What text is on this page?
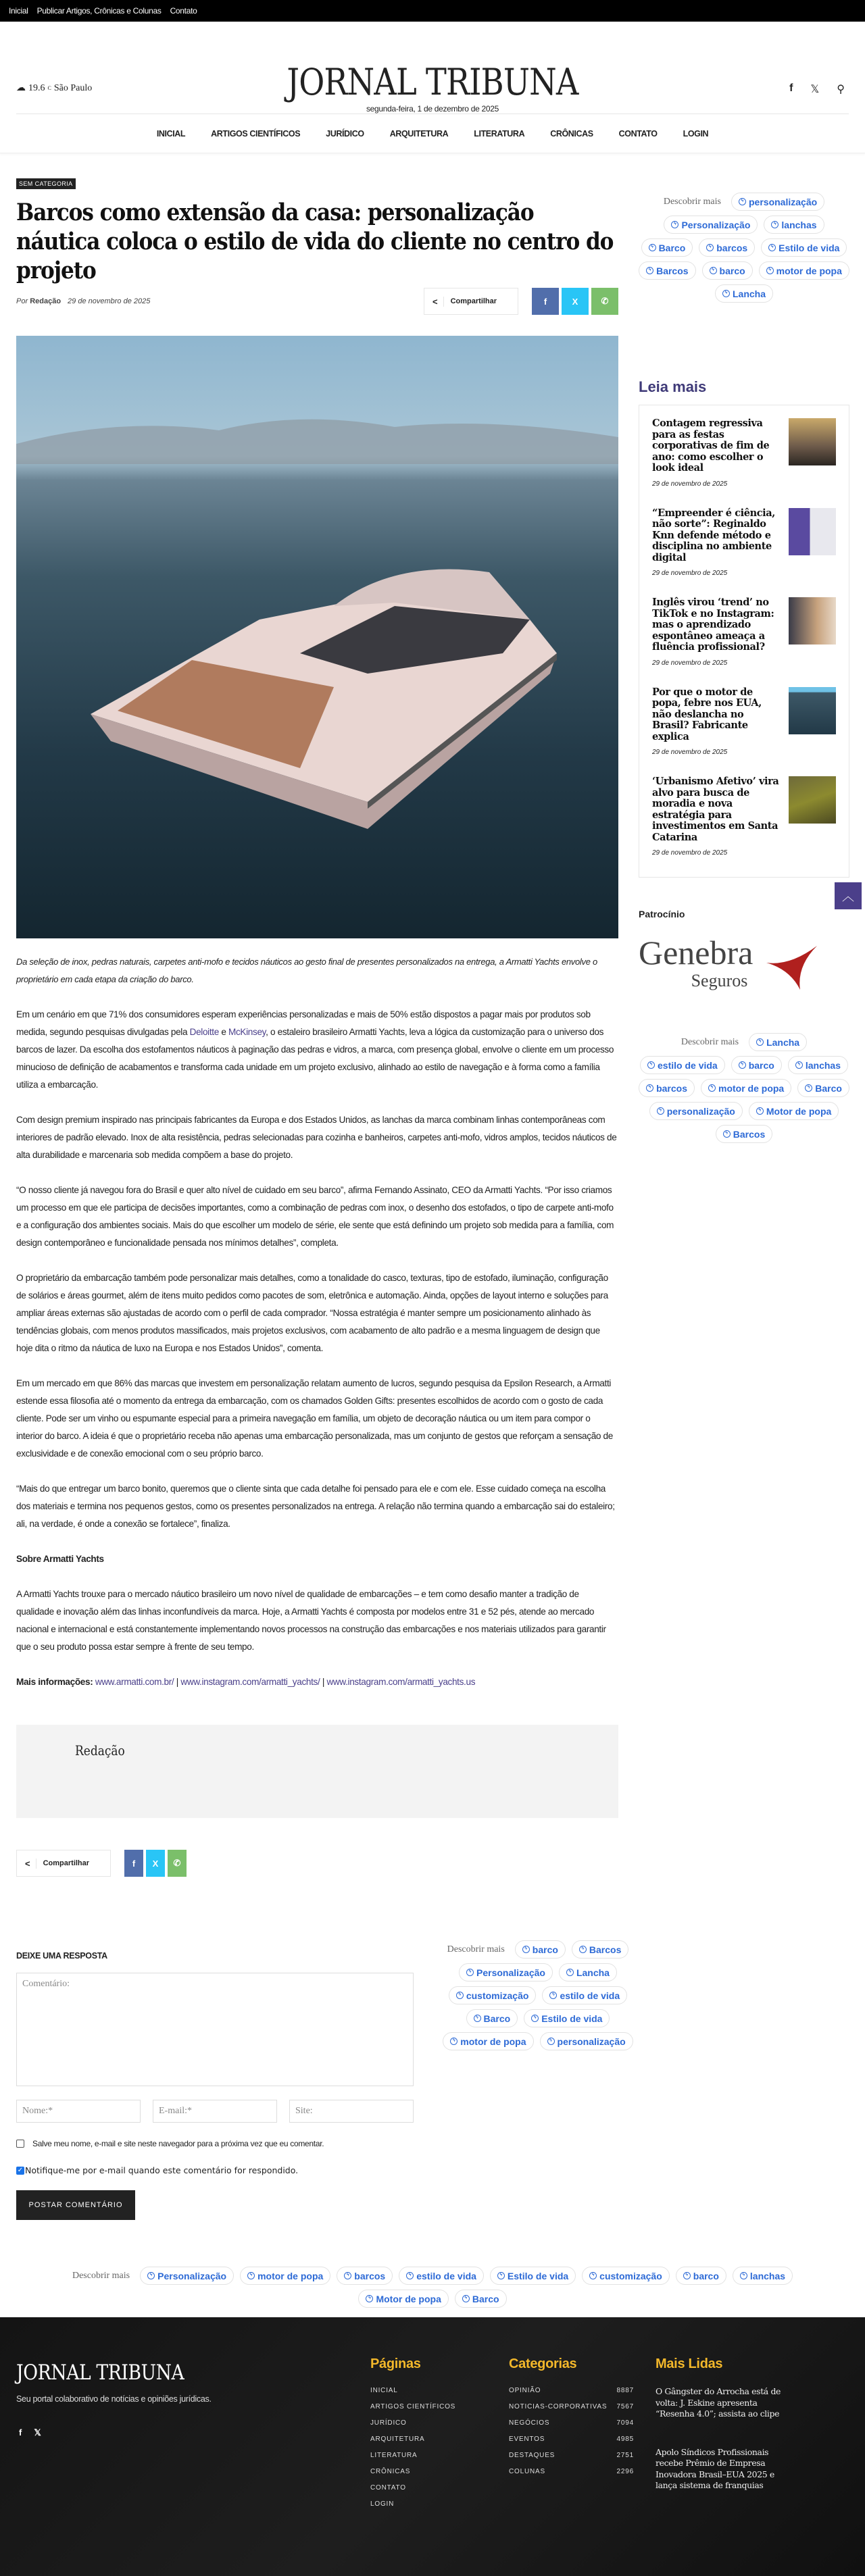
Inicial Publicar Artigos, Crônicas e Colunas Contato
☁ 19.6 C São Paulo	JORNAL TRIBUNA
segunda-feira, 1 de dezembro de 2025
f 𝕏 ⚲
INICIAL	ARTIGOS CIENTÍFICOS	JURÍDICO	ARQUITETURA	LITERATURA	CRÔNICAS	CONTATO	LOGIN
SEM CATEGORIA
Barcos como extensão da casa: personalização náutica coloca o estilo de vida do cliente no centro do projeto
Por Redação 29 de novembro de 2025	<	Compartilhar	f	X	✆

Da seleção de inox, pedras naturais, carpetes anti-mofo e tecidos náuticos ao gesto final de presentes personalizados na entrega, a Armatti Yachts envolve o proprietário em cada etapa da criação do barco.

Em um cenário em que 71% dos consumidores esperam experiências personalizadas e mais de 50% estão dispostos a pagar mais por produtos sob medida, segundo pesquisas divulgadas pela Deloitte e McKinsey, o estaleiro brasileiro Armatti Yachts, leva a lógica da customização para o universo dos barcos de lazer. Da escolha dos estofamentos náuticos à paginação das pedras e vidros, a marca, com presença global, envolve o cliente em um processo minucioso de definição de acabamentos e transforma cada unidade em um projeto exclusivo, alinhado ao estilo de navegação e à forma como a família utiliza a embarcação.

Com design premium inspirado nas principais fabricantes da Europa e dos Estados Unidos, as lanchas da marca combinam linhas contemporâneas com interiores de padrão elevado. Inox de alta resistência, pedras selecionadas para cozinha e banheiros, carpetes anti-mofo, vidros amplos, tecidos náuticos de alta durabilidade e marcenaria sob medida compõem a base do projeto.

“O nosso cliente já navegou fora do Brasil e quer alto nível de cuidado em seu barco”, afirma Fernando Assinato, CEO da Armatti Yachts. “Por isso criamos um processo em que ele participa de decisões importantes, como a combinação de pedras com inox, o desenho dos estofados, o tipo de carpete anti-mofo e a configuração dos ambientes sociais. Mais do que escolher um modelo de série, ele sente que está definindo um projeto sob medida para a família, com design contemporâneo e funcionalidade pensada nos mínimos detalhes”, completa.

O proprietário da embarcação também pode personalizar mais detalhes, como a tonalidade do casco, texturas, tipo de estofado, iluminação, configuração de solários e áreas gourmet, além de itens muito pedidos como pacotes de som, eletrônica e automação. Ainda, opções de layout interno e soluções para ampliar áreas externas são ajustadas de acordo com o perfil de cada comprador. “Nossa estratégia é manter sempre um posicionamento alinhado às tendências globais, com menos produtos massificados, mais projetos exclusivos, com acabamento de alto padrão e a mesma linguagem de design que hoje dita o ritmo da náutica de luxo na Europa e nos Estados Unidos”, comenta.

Em um mercado em que 86% das marcas que investem em personalização relatam aumento de lucros, segundo pesquisa da Epsilon Research, a Armatti estende essa filosofia até o momento da entrega da embarcação, com os chamados Golden Gifts: presentes escolhidos de acordo com o gosto de cada cliente. Pode ser um vinho ou espumante especial para a primeira navegação em família, um objeto de decoração náutica ou um item para compor o interior do barco. A ideia é que o proprietário receba não apenas uma embarcação personalizada, mas um conjunto de gestos que reforçam a sensação de exclusividade e de conexão emocional com o seu próprio barco.

“Mais do que entregar um barco bonito, queremos que o cliente sinta que cada detalhe foi pensado para ele e com ele. Esse cuidado começa na escolha dos materiais e termina nos pequenos gestos, como os presentes personalizados na entrega. A relação não termina quando a embarcação sai do estaleiro; ali, na verdade, é onde a conexão se fortalece”, finaliza.

Sobre Armatti Yachts

A Armatti Yachts trouxe para o mercado náutico brasileiro um novo nível de qualidade de embarcações – e tem como desafio manter a tradição de qualidade e inovação além das linhas inconfundíveis da marca. Hoje, a Armatti Yachts é composta por modelos entre 31 e 52 pés, atende ao mercado nacional e internacional e está constantemente implementando novos processos na construção das embarcações e nos materiais utilizados para garantir que o seu produto possa estar sempre à frente de seu tempo.

Mais informações: www.armatti.com.br/ | www.instagram.com/armatti_yachts/ | www.instagram.com/armatti_yachts.us

Redação
<	Compartilhar	f	X	✆
DEIXE UMA RESPOSTA
Comentário:
Nome:*	E-mail:*	Site:
Salve meu nome, e-mail e site neste navegador para a próxima vez que eu comentar.
✓ Notifique-me por e-mail quando este comentário for respondido.
POSTAR COMENTÁRIO
Descobrir mais	ϟ personalização
ϟ Personalização	ϟ lanchas
ϟ Barco	ϟ barcos	ϟ Estilo de vida
ϟ Barcos	ϟ barco	ϟ motor de popa
ϟ Lancha
Leia mais
Contagem regressiva para as festas corporativas de fim de ano: como escolher o look ideal
29 de novembro de 2025
“Empreender é ciência, não sorte”: Reginaldo Knn defende método e disciplina no ambiente digital
29 de novembro de 2025
Inglês virou ‘trend’ no TikTok e no Instagram: mas o aprendizado espontâneo ameaça a fluência profissional?
29 de novembro de 2025
Por que o motor de popa, febre nos EUA, não deslancha no Brasil? Fabricante explica
29 de novembro de 2025
‘Urbanismo Afetivo’ vira alvo para busca de moradia e nova estratégia para investimentos em Santa Catarina
29 de novembro de 2025
︿
Patrocínio
Genebra
Seguros
Descobrir mais	ϟ Lancha
ϟ estilo de vida	ϟ barco	ϟ lanchas
ϟ barcos	ϟ motor de popa	ϟ Barco
ϟ personalização	ϟ Motor de popa
ϟ Barcos
Descobrir mais	ϟ barco	ϟ Barcos
ϟ Personalização	ϟ Lancha
ϟ customização	ϟ estilo de vida
ϟ Barco	ϟ Estilo de vida
ϟ motor de popa	ϟ personalização
Descobrir mais	ϟ Personalização	ϟ motor de popa	ϟ barcos	ϟ estilo de vida	ϟ Estilo de vida	ϟ customização	ϟ barco	ϟ lanchas
ϟ Motor de popa	ϟ Barco
JORNAL TRIBUNA
Seu portal colaborativo de notícias e opiniões jurídicas.
f 𝕏
Páginas
INICIAL
ARTIGOS CIENTÍFICOS
JURÍDICO
ARQUITETURA
LITERATURA
CRÔNICAS
CONTATO
LOGIN
Categorias
OPINIÃO	8887
NOTICIAS-CORPORATIVAS 7567
NEGÓCIOS	7094
EVENTOS	4985
DESTAQUES	2751
COLUNAS	2296
Mais Lidas
O Gângster do Arrocha está de volta: J. Eskine apresenta “Resenha 4.0”; assista ao clipe
Apolo Síndicos Profissionais recebe Prêmio de Empresa Inovadora Brasil–EUA 2025 e lança sistema de franquias
